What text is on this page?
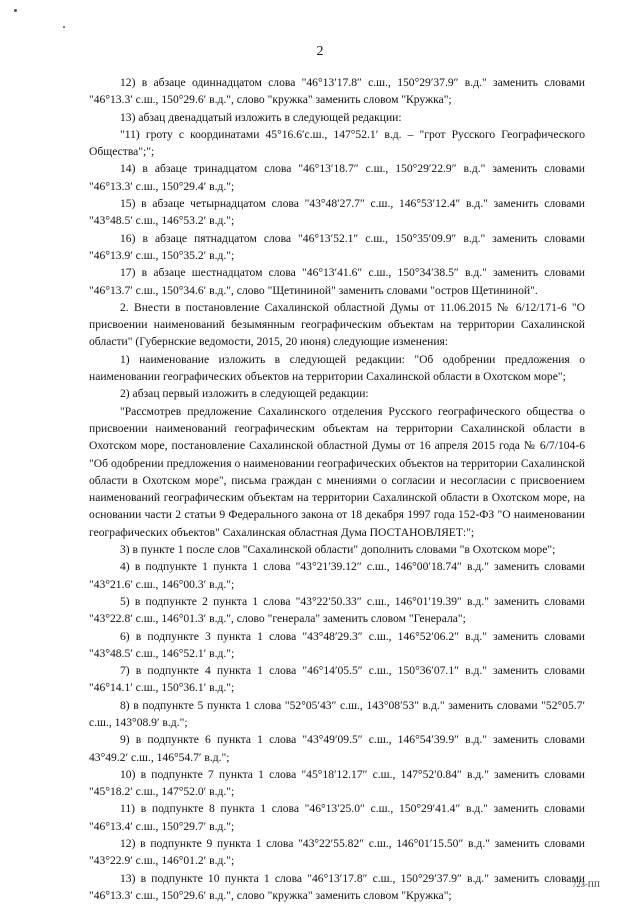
2

12) в абзаце одиннадцатом слова "46°13′17.8″ с.ш., 150°29′37.9″ в.д." заменить словами "46°13.3′ с.ш., 150°29.6′ в.д.", слово "кружка" заменить словом "Кружка";

13) абзац двенадцатый изложить в следующей редакции:

"11) гроту с координатами 45°16.6′с.ш., 147°52.1′ в.д. – "грот Русского Географического Общества";";

14) в абзаце тринадцатом слова "46°13′18.7″ с.ш., 150°29′22.9″ в.д." заменить словами "46°13.3′ с.ш., 150°29.4′ в.д.";

15) в абзаце четырнадцатом слова "43°48′27.7″ с.ш., 146°53′12.4″ в.д." заменить словами "43°48.5′ с.ш., 146°53.2′ в.д.";

16) в абзаце пятнадцатом слова "46°13′52.1″ с.ш., 150°35′09.9″ в.д." заменить словами "46°13.9′ с.ш., 150°35.2′ в.д.";

17) в абзаце шестнадцатом слова "46°13′41.6″ с.ш., 150°34′38.5″ в.д." заменить словами "46°13.7′ с.ш., 150°34.6′ в.д.", слово "Щетининой" заменить словами "остров Щетининой".

2. Внести в постановление Сахалинской областной Думы от 11.06.2015 № 6/12/171-6 "О присвоении наименований безымянным географическим объектам на территории Сахалинской области" (Губернские ведомости, 2015, 20 июня) следующие изменения:

1) наименование изложить в следующей редакции: "Об одобрении предложения о наименовании географических объектов на территории Сахалинской области в Охотском море";

2) абзац первый изложить в следующей редакции:

"Рассмотрев предложение Сахалинского отделения Русского географического общества о присвоении наименований географическим объектам на территории Сахалинской области в Охотском море, постановление Сахалинской областной Думы от 16 апреля 2015 года № 6/7/104-6 "Об одобрении предложения о наименовании географических объектов на территории Сахалинской области в Охотском море", письма граждан с мнениями о согласии и несогласии с присвоением наименований географическим объектам на территории Сахалинской области в Охотском море, на основании части 2 статьи 9 Федерального закона от 18 декабря 1997 года 152-ФЗ "О наименовании географических объектов" Сахалинская областная Дума ПОСТАНОВЛЯЕТ:";

3) в пункте 1 после слов "Сахалинской области" дополнить словами "в Охотском море";

4) в подпункте 1 пункта 1 слова "43°21′39.12″ с.ш., 146°00′18.74″ в.д." заменить словами "43°21.6′ с.ш., 146°00.3′ в.д.";

5) в подпункте 2 пункта 1 слова "43°22′50.33″ с.ш., 146°01′19.39″ в.д." заменить словами "43°22.8′ с.ш., 146°01.3′ в.д.", слово "генерала" заменить словом "Генерала";

6) в подпункте 3 пункта 1 слова "43°48′29.3″ с.ш., 146°52′06.2″ в.д." заменить словами "43°48.5′ с.ш., 146°52.1′ в.д.";

7) в подпункте 4 пункта 1 слова "46°14′05.5″ с.ш., 150°36′07.1″ в.д." заменить словами "46°14.1′ с.ш., 150°36.1′ в.д.";

8) в подпункте 5 пункта 1 слова "52°05′43″ с.ш., 143°08′53″ в.д." заменить словами "52°05.7′ с.ш., 143°08.9′ в.д.";

9) в подпункте 6 пункта 1 слова "43°49′09.5″ с.ш., 146°54′39.9″ в.д." заменить словами 43°49.2′ с.ш., 146°54.7′ в.д.";

10) в подпункте 7 пункта 1 слова "45°18′12.17″ с.ш., 147°52′0.84″ в.д." заменить словами "45°18.2′ с.ш., 147°52.0′ в.д.";

11) в подпункте 8 пункта 1 слова "46°13′25.0″ с.ш., 150°29′41.4″ в.д." заменить словами "46°13.4′ с.ш., 150°29.7′ в.д.";

12) в подпункте 9 пункта 1 слова "43°22′55.82″ с.ш., 146°01′15.50″ в.д." заменить словами "43°22.9′ с.ш., 146°01.2′ в.д.";

13) в подпункте 10 пункта 1 слова "46°13′17.8″ с.ш., 150°29′37.9″ в.д." заменить словами "46°13.3′ с.ш., 150°29.6′ в.д.", слово "кружка" заменить словом "Кружка";

723-ПП
